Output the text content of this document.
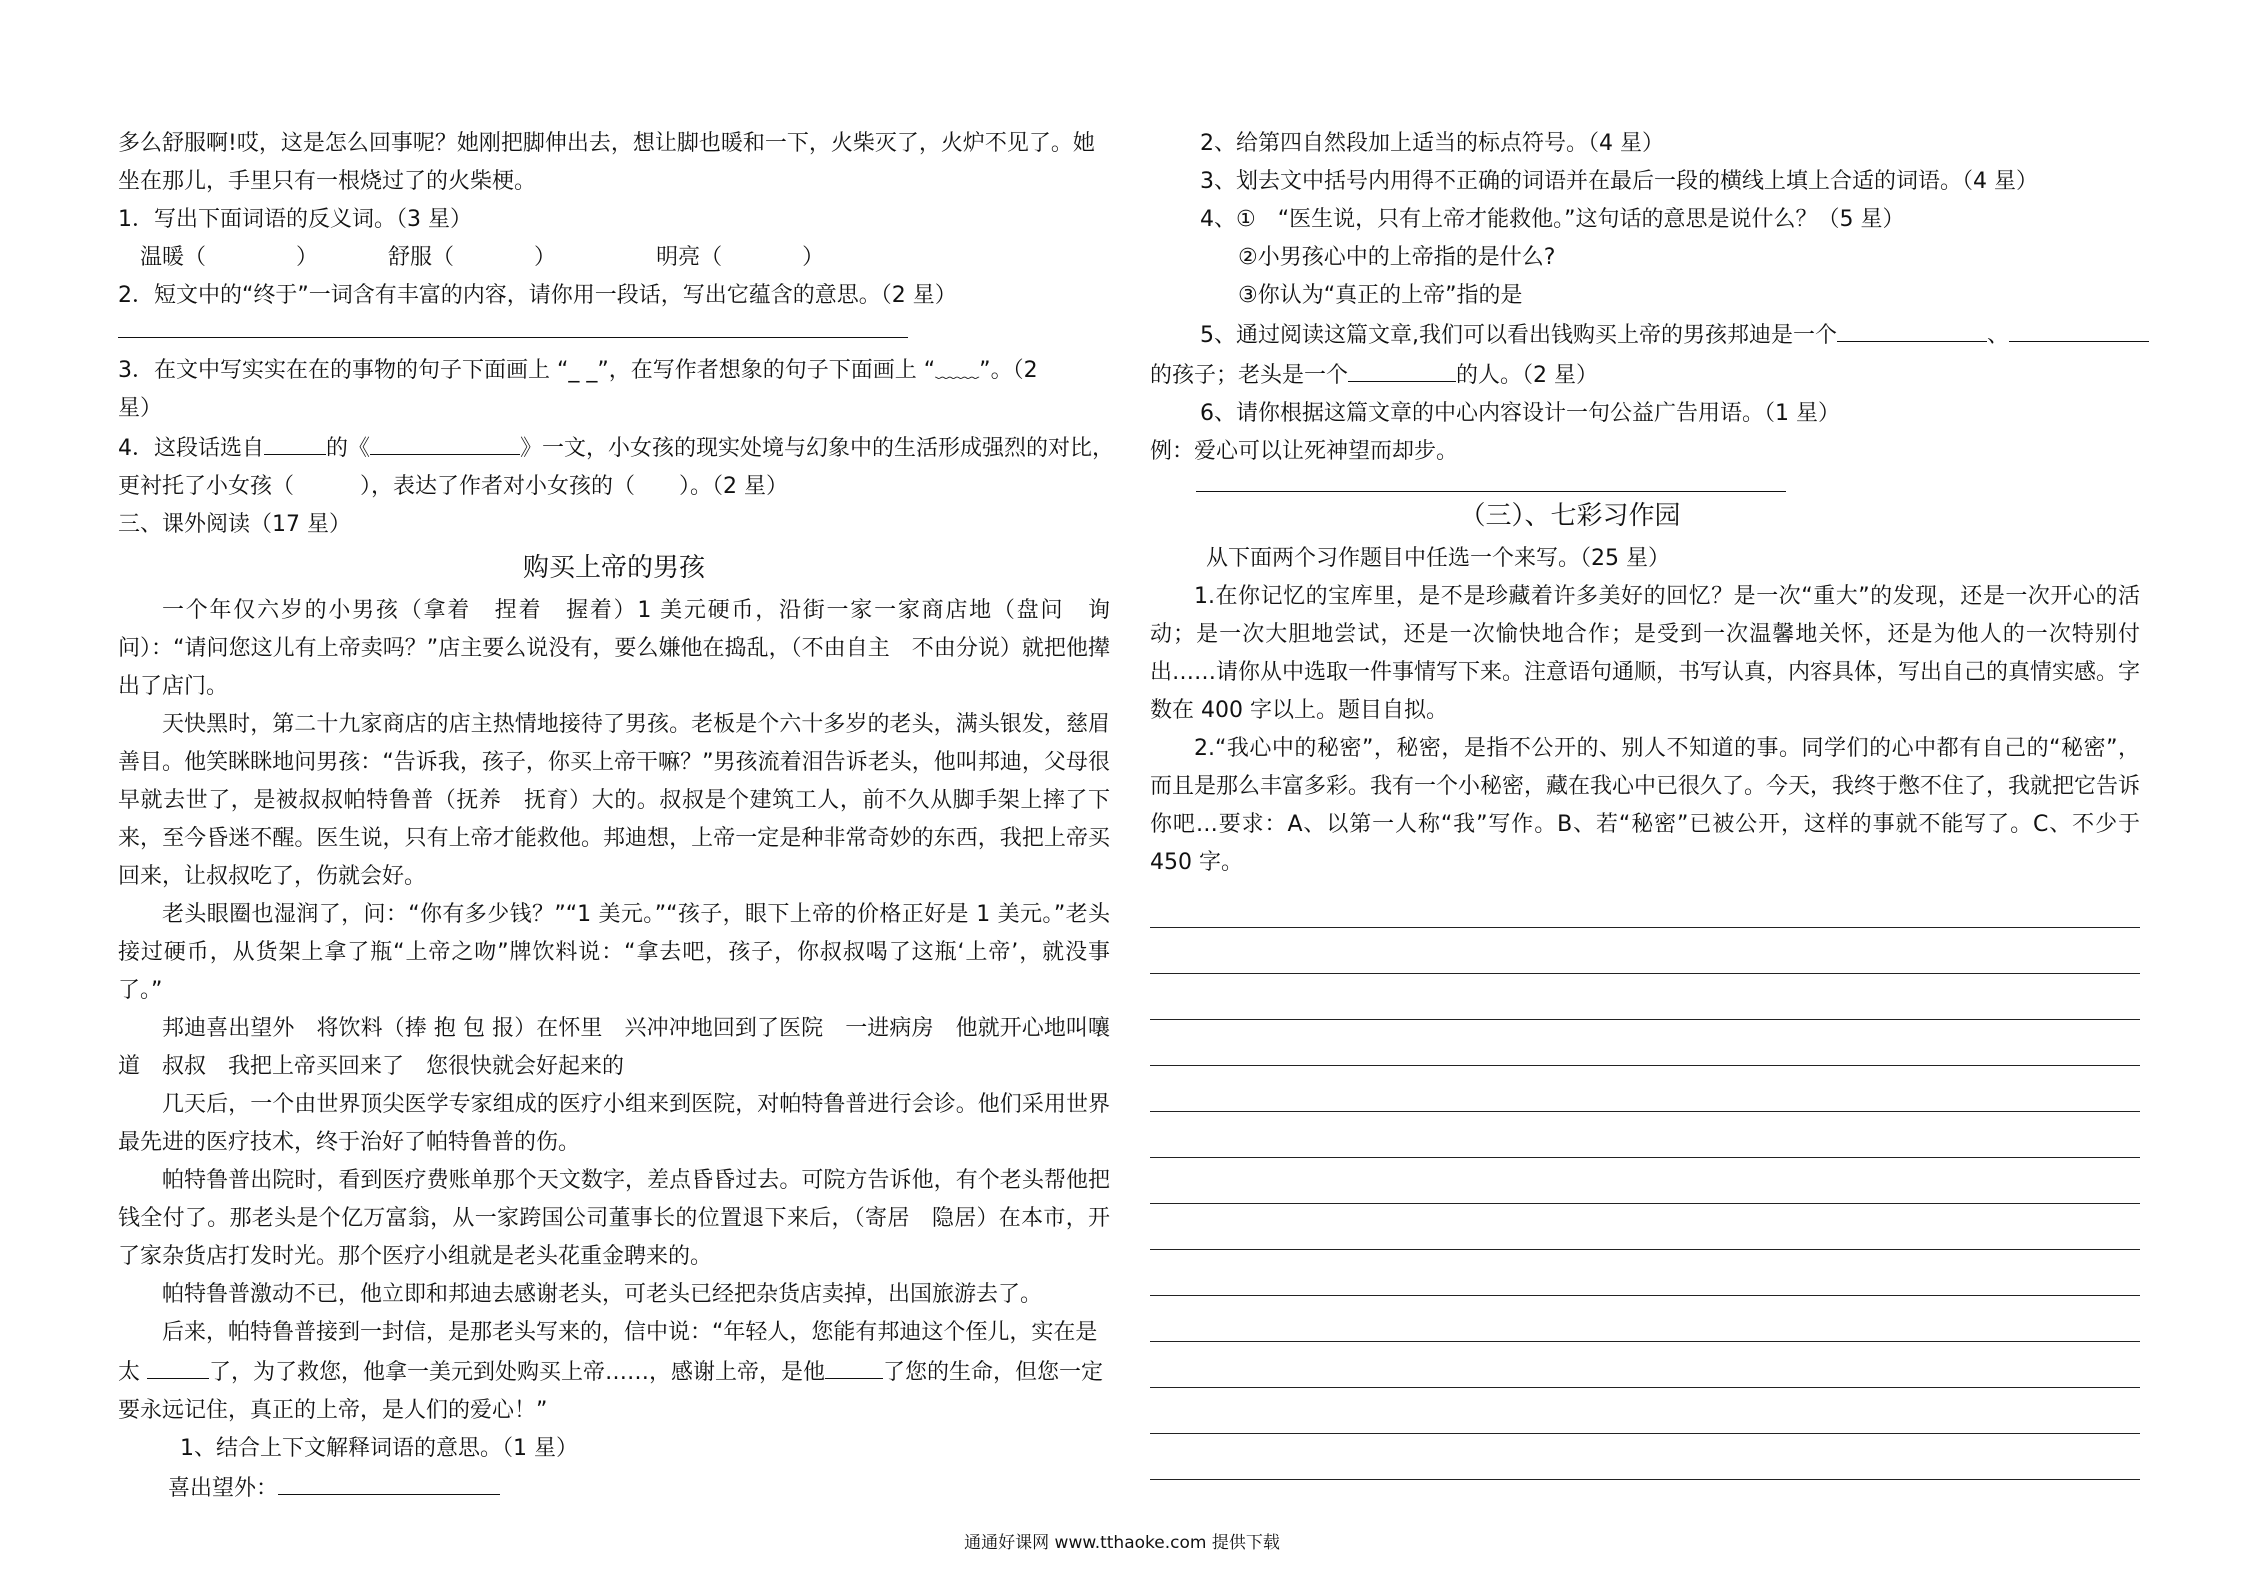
多么舒服啊!哎，这是怎么回事呢？她刚把脚伸出去，想让脚也暖和一下，火柴灭了，火炉不见了。她

坐在那儿，手里只有一根烧过了的火柴梗。

1．写出下面词语的反义词。（3 星）

温暖（	）	舒服（	）	明亮（	）

2．短文中的“终于”一词含有丰富的内容，请你用一段话，写出它蕴含的意思。（2 星）

3．在文中写实实在在的事物的句子下面画上 “_ _”，在写作者想象的句子下面画上 “﹏﹏”。（2

星）

4．这段话选自	的《	》一文，小女孩的现实处境与幻象中的生活形成强烈的对比，

更衬托了小女孩（　　　），表达了作者对小女孩的（　　）。（2 星）

三、课外阅读（17 星）

购买上帝的男孩

一个年仅六岁的小男孩（拿着　捏着　握着）1 美元硬币，沿街一家一家商店地（盘问　询问）：“请问您这儿有上帝卖吗？”店主要么说没有，要么嫌他在捣乱，（不由自主　不由分说）就把他撵出了店门。

天快黑时，第二十九家商店的店主热情地接待了男孩。老板是个六十多岁的老头，满头银发，慈眉善目。他笑眯眯地问男孩：“告诉我，孩子，你买上帝干嘛？”男孩流着泪告诉老头，他叫邦迪，父母很早就去世了，是被叔叔帕特鲁普（抚养　抚育）大的。叔叔是个建筑工人，前不久从脚手架上摔了下来，至今昏迷不醒。医生说，只有上帝才能救他。邦迪想，上帝一定是种非常奇妙的东西，我把上帝买回来，让叔叔吃了，伤就会好。

老头眼圈也湿润了，问：“你有多少钱？”“1 美元。”“孩子，眼下上帝的价格正好是 1 美元。”老头接过硬币，从货架上拿了瓶“上帝之吻”牌饮料说：“拿去吧，孩子，你叔叔喝了这瓶‘上帝’，就没事了。”

邦迪喜出望外　将饮料（捧 抱 包 报）在怀里　兴冲冲地回到了医院　一进病房　他就开心地叫嚷道　叔叔　我把上帝买回来了　您很快就会好起来的

几天后，一个由世界顶尖医学专家组成的医疗小组来到医院，对帕特鲁普进行会诊。他们采用世界最先进的医疗技术，终于治好了帕特鲁普的伤。

帕特鲁普出院时，看到医疗费账单那个天文数字，差点昏昏过去。可院方告诉他，有个老头帮他把钱全付了。那老头是个亿万富翁，从一家跨国公司董事长的位置退下来后，（寄居　隐居）在本市，开了家杂货店打发时光。那个医疗小组就是老头花重金聘来的。

帕特鲁普激动不已，他立即和邦迪去感谢老头，可老头已经把杂货店卖掉，出国旅游去了。

后来，帕特鲁普接到一封信，是那老头写来的，信中说：“年轻人，您能有邦迪这个侄儿，实在是

太	了，为了救您，他拿一美元到处购买上帝……，感谢上帝，是他	了您的生命，但您一定

要永远记住，真正的上帝，是人们的爱心！”

1、结合上下文解释词语的意思。（1 星）

喜出望外：

2、给第四自然段加上适当的标点符号。（4 星）

3、划去文中括号内用得不正确的词语并在最后一段的横线上填上合适的词语。（4 星）

4、①　“医生说，只有上帝才能救他。”这句话的意思是说什么？（5 星）

②小男孩心中的上帝指的是什么?

③你认为“真正的上帝”指的是

5、通过阅读这篇文章,我们可以看出钱购买上帝的男孩邦迪是一个	、

的孩子；老头是一个	的人。（2 星）

6、请你根据这篇文章的中心内容设计一句公益广告用语。（1 星）

例：爱心可以让死神望而却步。

（三）、七彩习作园

从下面两个习作题目中任选一个来写。（25 星）

1.在你记忆的宝库里，是不是珍藏着许多美好的回忆？是一次“重大”的发现，还是一次开心的活动；是一次大胆地尝试，还是一次愉快地合作；是受到一次温馨地关怀，还是为他人的一次特别付出……请你从中选取一件事情写下来。注意语句通顺，书写认真，内容具体，写出自己的真情实感。字数在 400 字以上。题目自拟。

2.“我心中的秘密”，秘密，是指不公开的、别人不知道的事。同学们的心中都有自己的“秘密”，而且是那么丰富多彩。我有一个小秘密，藏在我心中已很久了。今天，我终于憋不住了，我就把它告诉你吧…要求：A、以第一人称“我”写作。B、若“秘密”已被公开，这样的事就不能写了。C、不少于 450 字。

通通好课网 www.tthaoke.com 提供下载
